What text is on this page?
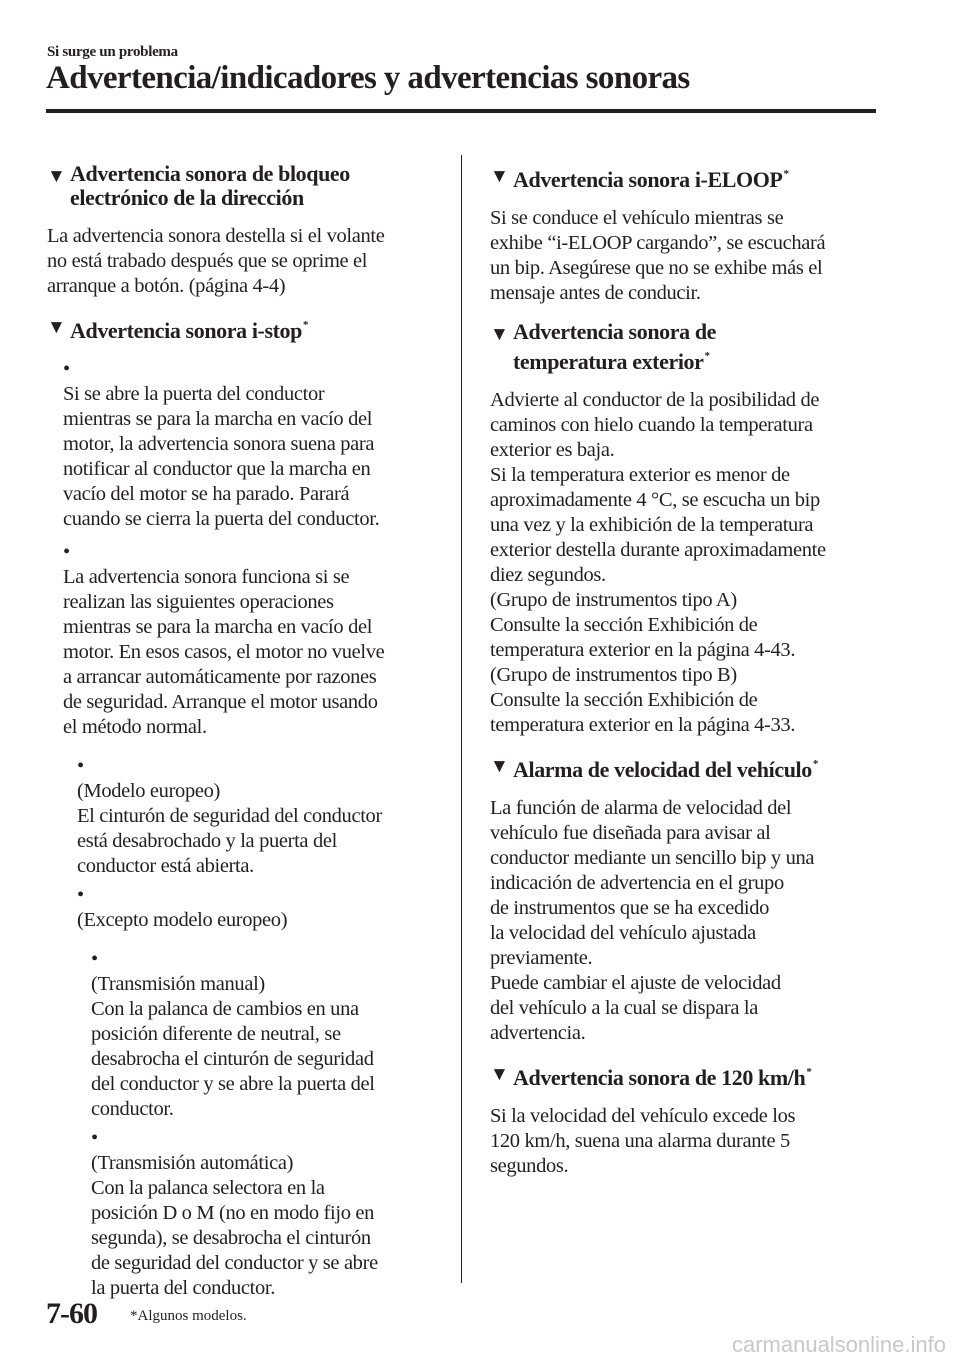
Si surge un problema
Advertencia/indicadores y advertencias sonoras
▼ Advertencia sonora de bloqueo
electrónico de la dirección
La advertencia sonora destella si el volante
no está trabado después que se oprime el
arranque a botón. (página 4-4)
▼ Advertencia sonora i-stop*
•
Si se abre la puerta del conductor
mientras se para la marcha en vacío del
motor, la advertencia sonora suena para
notificar al conductor que la marcha en
vacío del motor se ha parado. Parará
cuando se cierra la puerta del conductor.
•
La advertencia sonora funciona si se
realizan las siguientes operaciones
mientras se para la marcha en vacío del
motor. En esos casos, el motor no vuelve
a arrancar automáticamente por razones
de seguridad. Arranque el motor usando
el método normal.
•
(Modelo europeo)
El cinturón de seguridad del conductor
está desabrochado y la puerta del
conductor está abierta.
•
(Excepto modelo europeo)
•
(Transmisión manual)
Con la palanca de cambios en una
posición diferente de neutral, se
desabrocha el cinturón de seguridad
del conductor y se abre la puerta del
conductor.
•
(Transmisión automática)
Con la palanca selectora en la
posición D o M (no en modo fijo en
segunda), se desabrocha el cinturón
de seguridad del conductor y se abre
la puerta del conductor.
▼ Advertencia sonora i-ELOOP*
Si se conduce el vehículo mientras se
exhibe “i-ELOOP cargando”, se escuchará
un bip. Asegúrese que no se exhibe más el
mensaje antes de conducir.
▼ Advertencia sonora de
temperatura exterior*
Advierte al conductor de la posibilidad de
caminos con hielo cuando la temperatura
exterior es baja.
Si la temperatura exterior es menor de
aproximadamente 4 °C, se escucha un bip
una vez y la exhibición de la temperatura
exterior destella durante aproximadamente
diez segundos.
(Grupo de instrumentos tipo A)
Consulte la sección Exhibición de
temperatura exterior en la página 4-43.
(Grupo de instrumentos tipo B)
Consulte la sección Exhibición de
temperatura exterior en la página 4-33.
▼ Alarma de velocidad del vehículo*
La función de alarma de velocidad del
vehículo fue diseñada para avisar al
conductor mediante un sencillo bip y una
indicación de advertencia en el grupo
de instrumentos que se ha excedido
la velocidad del vehículo ajustada
previamente.
Puede cambiar el ajuste de velocidad
del vehículo a la cual se dispara la
advertencia.
▼ Advertencia sonora de 120 km/h*
Si la velocidad del vehículo excede los
120 km/h, suena una alarma durante 5
segundos.
7-60 *Algunos modelos.
carmanualsonline.info
